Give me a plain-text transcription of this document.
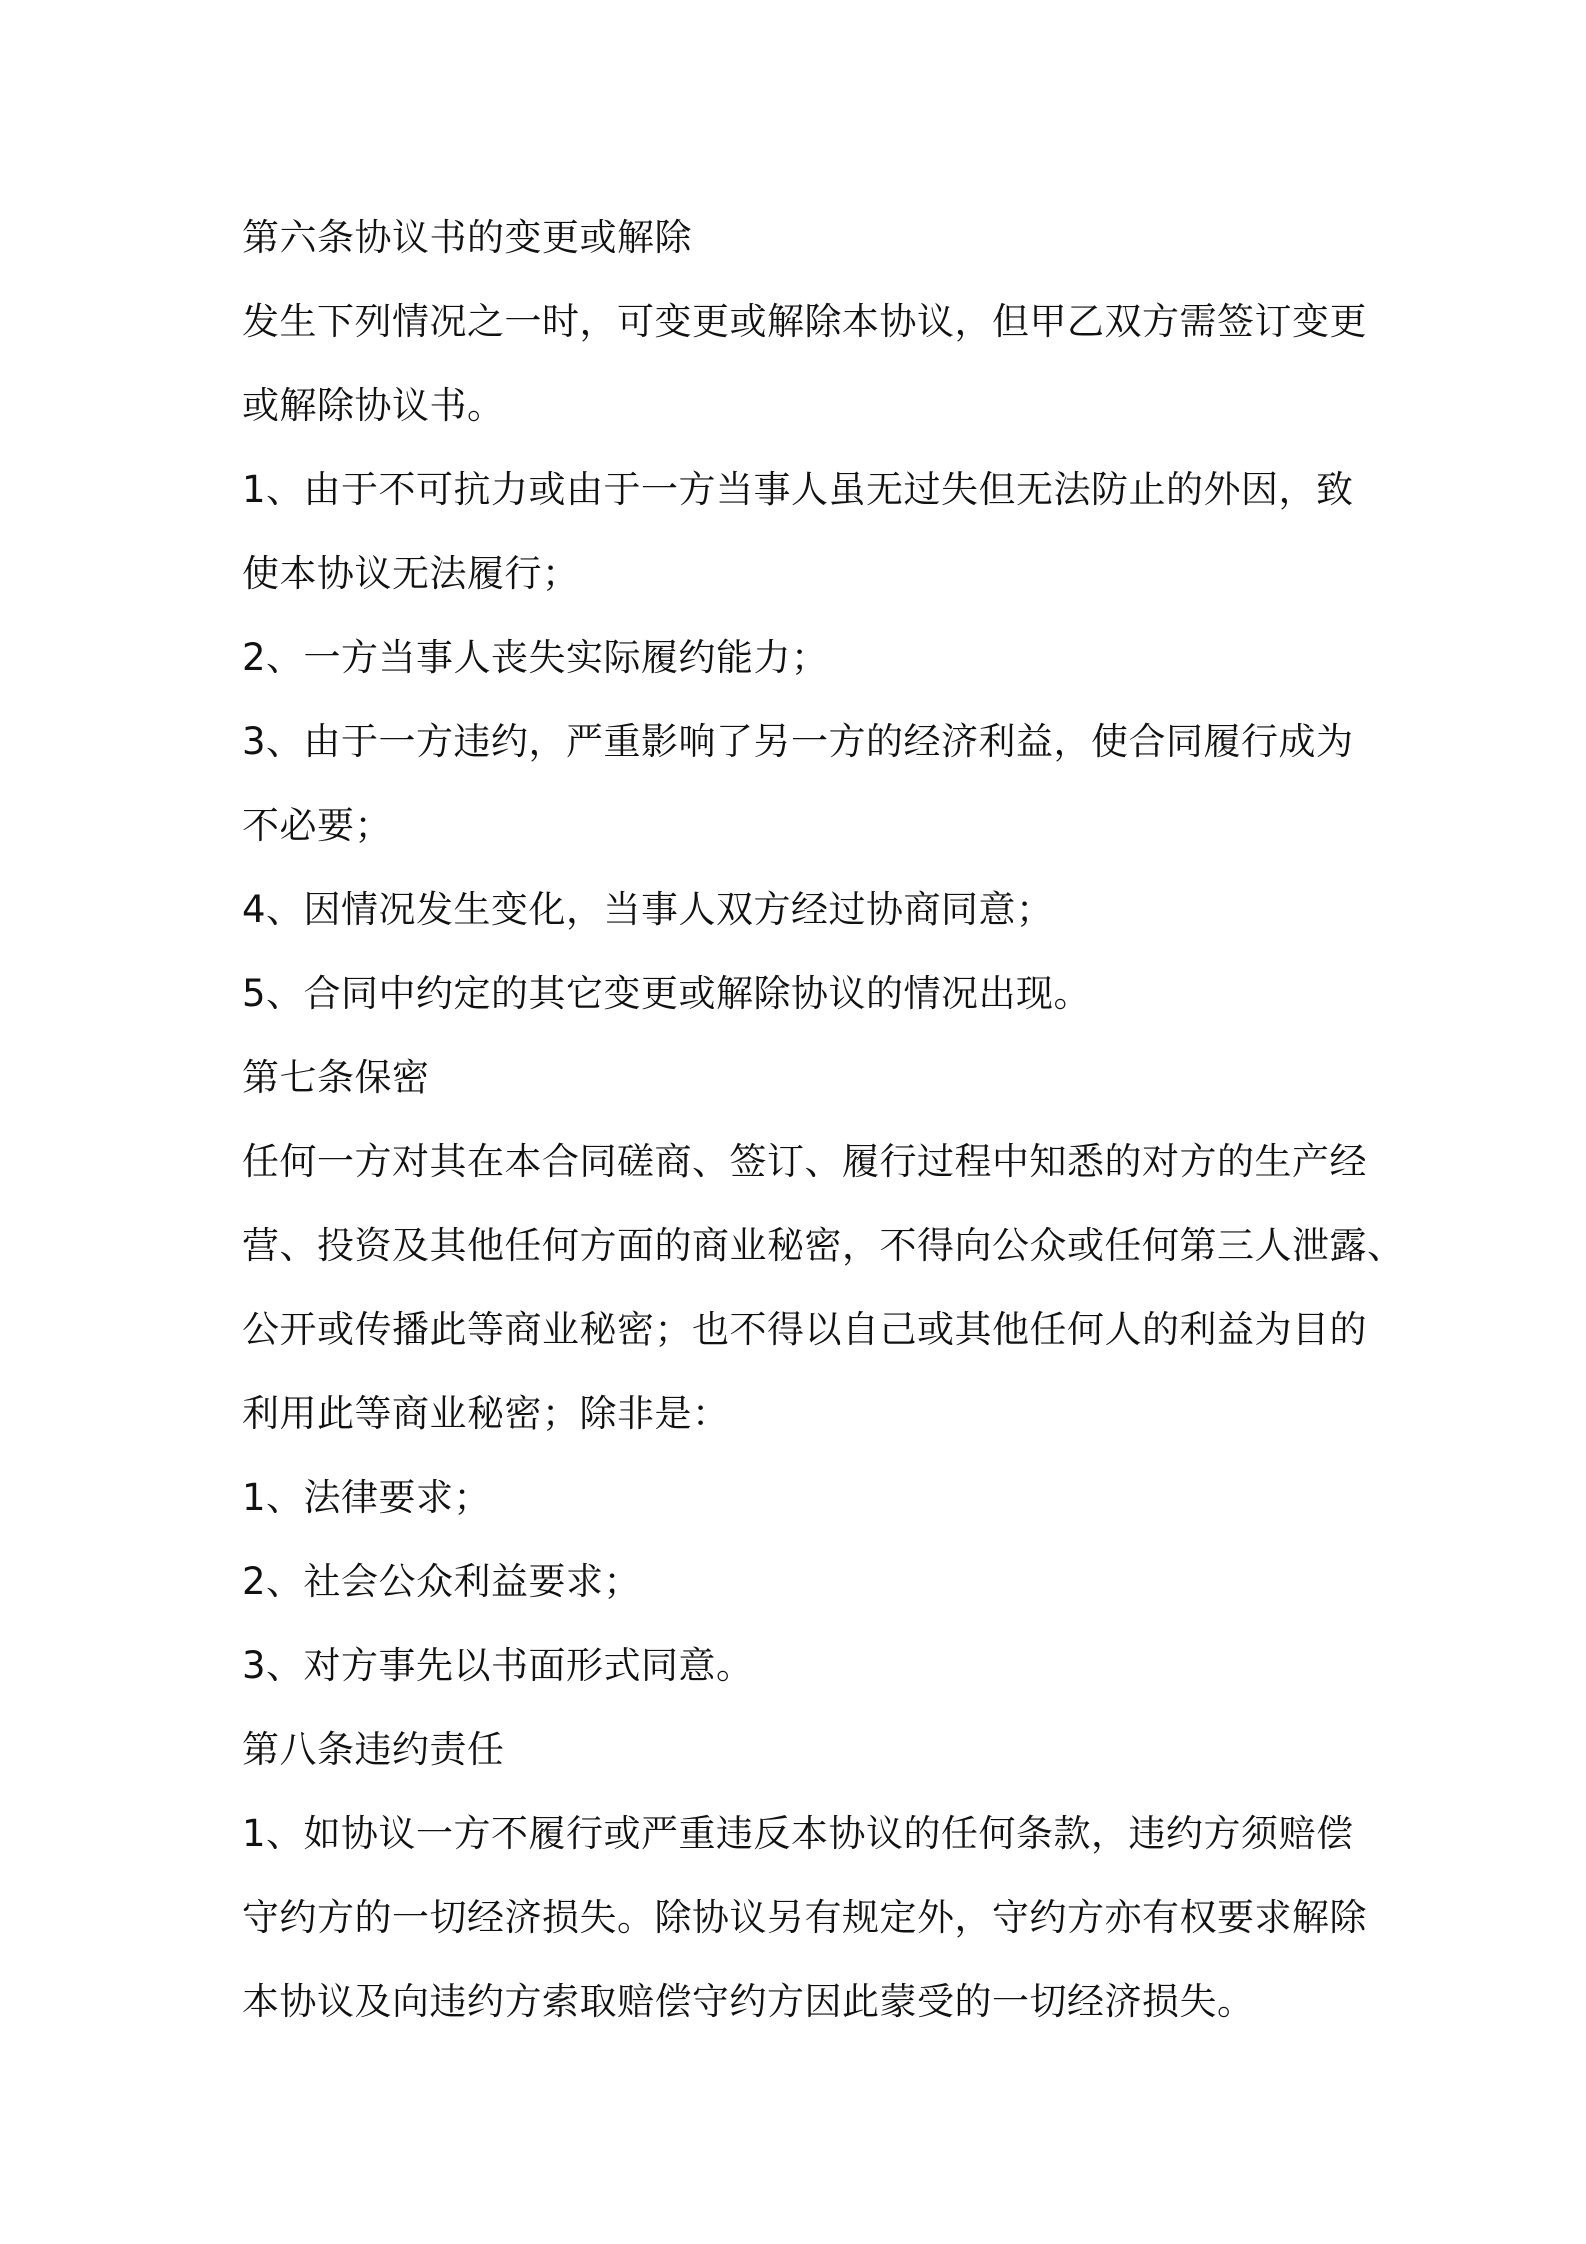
第六条协议书的变更或解除
发生下列情况之一时，可变更或解除本协议，但甲乙双方需签订变更
或解除协议书。
1、由于不可抗力或由于一方当事人虽无过失但无法防止的外因，致
使本协议无法履行；
2、一方当事人丧失实际履约能力；
3、由于一方违约，严重影响了另一方的经济利益，使合同履行成为
不必要；
4、因情况发生变化，当事人双方经过协商同意；
5、合同中约定的其它变更或解除协议的情况出现。
第七条保密
任何一方对其在本合同磋商、签订、履行过程中知悉的对方的生产经
营、投资及其他任何方面的商业秘密，不得向公众或任何第三人泄露、
公开或传播此等商业秘密；也不得以自己或其他任何人的利益为目的
利用此等商业秘密；除非是：
1、法律要求；
2、社会公众利益要求；
3、对方事先以书面形式同意。
第八条违约责任
1、如协议一方不履行或严重违反本协议的任何条款，违约方须赔偿
守约方的一切经济损失。除协议另有规定外，守约方亦有权要求解除
本协议及向违约方索取赔偿守约方因此蒙受的一切经济损失。
